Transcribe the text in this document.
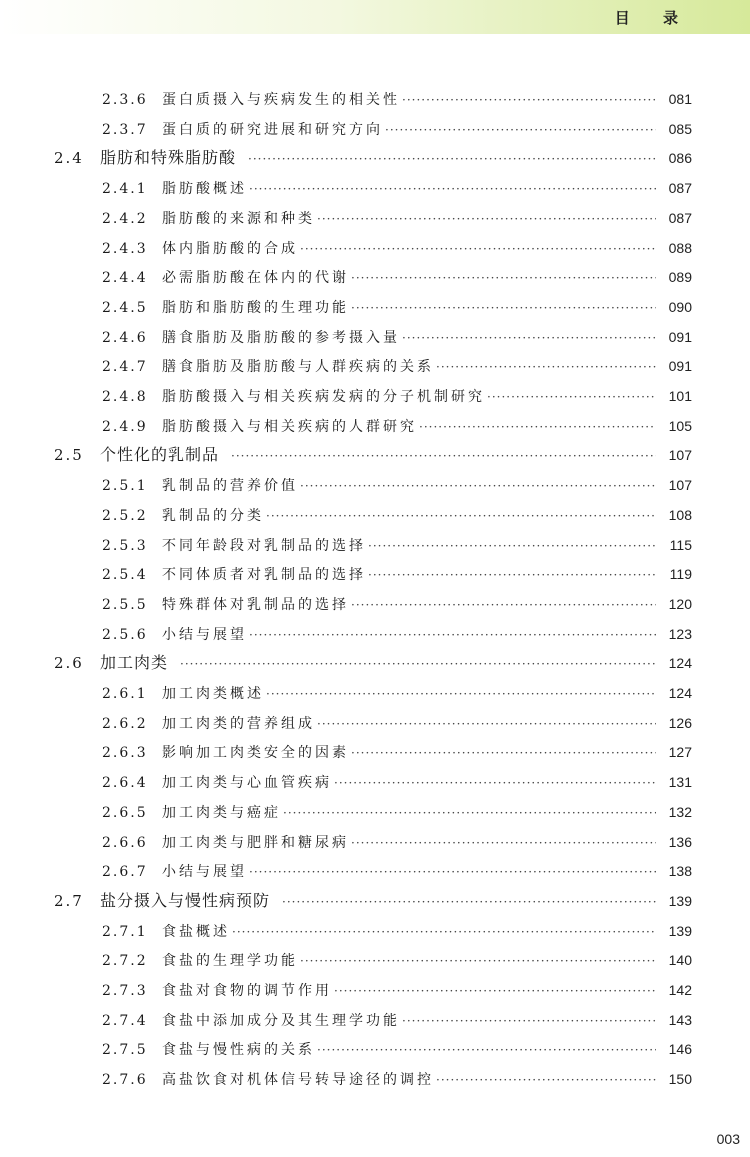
目 录
2.3.6	蛋白质摄入与疾病发生的相关性 ·····	081
2.3.7	蛋白质的研究进展和研究方向 ·····	085
2.4	脂肪和特殊脂肪酸 ·····	086
2.4.1	脂肪酸概述 ·····	087
2.4.2	脂肪酸的来源和种类 ·····	087
2.4.3	体内脂肪酸的合成 ·····	088
2.4.4	必需脂肪酸在体内的代谢 ·····	089
2.4.5	脂肪和脂肪酸的生理功能 ·····	090
2.4.6	膳食脂肪及脂肪酸的参考摄入量 ·····	091
2.4.7	膳食脂肪及脂肪酸与人群疾病的关系 ·····	091
2.4.8	脂肪酸摄入与相关疾病发病的分子机制研究 ·····	101
2.4.9	脂肪酸摄入与相关疾病的人群研究 ·····	105
2.5	个性化的乳制品 ·····	107
2.5.1	乳制品的营养价值 ·····	107
2.5.2	乳制品的分类 ·····	108
2.5.3	不同年龄段对乳制品的选择 ·····	115
2.5.4	不同体质者对乳制品的选择 ·····	119
2.5.5	特殊群体对乳制品的选择 ·····	120
2.5.6	小结与展望 ·····	123
2.6	加工肉类 ·····	124
2.6.1	加工肉类概述 ·····	124
2.6.2	加工肉类的营养组成 ·····	126
2.6.3	影响加工肉类安全的因素 ·····	127
2.6.4	加工肉类与心血管疾病 ·····	131
2.6.5	加工肉类与癌症 ·····	132
2.6.6	加工肉类与肥胖和糖尿病 ·····	136
2.6.7	小结与展望 ·····	138
2.7	盐分摄入与慢性病预防 ·····	139
2.7.1	食盐概述 ·····	139
2.7.2	食盐的生理学功能 ·····	140
2.7.3	食盐对食物的调节作用 ·····	142
2.7.4	食盐中添加成分及其生理学功能 ·····	143
2.7.5	食盐与慢性病的关系 ·····	146
2.7.6	高盐饮食对机体信号转导途径的调控 ·····	150
003
